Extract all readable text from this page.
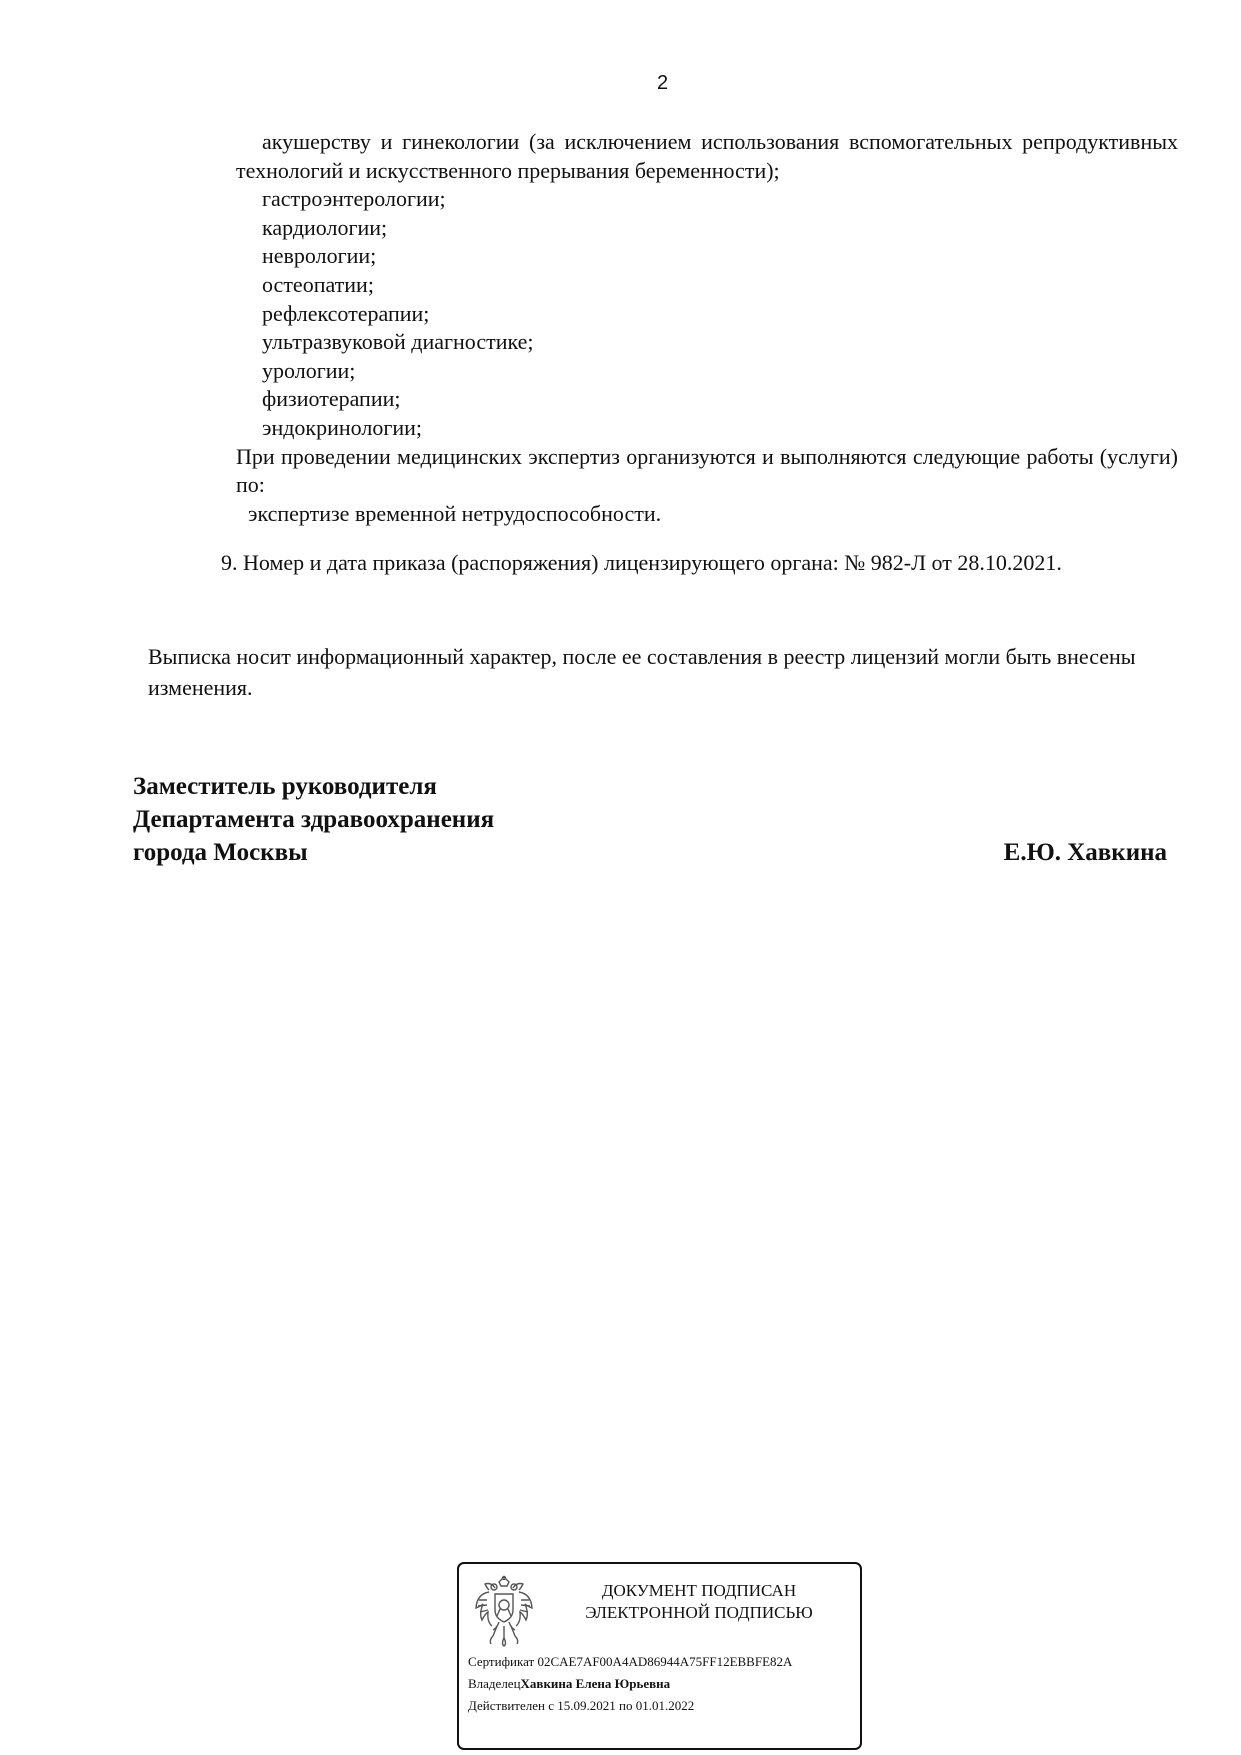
2

акушерству и гинекологии (за исключением использования вспомогательных репродуктивных технологий и искусственного прерывания беременности);

гастроэнтерологии;

кардиологии;

неврологии;

остеопатии;

рефлексотерапии;

ультразвуковой диагностике;

урологии;

физиотерапии;

эндокринологии;

При проведении медицинских экспертиз организуются и выполняются следующие работы (услуги) по:

экспертизе временной нетрудоспособности.

9. Номер и дата приказа (распоряжения) лицензирующего органа: № 982-Л от 28.10.2021.

Выписка носит информационный характер, после ее составления в реестр лицензий могли быть внесены изменения.

Заместитель руководителя
Департамента здравоохранения
города Москвы	Е.Ю. Хавкина
ДОКУМЕНТ ПОДПИСАН
ЭЛЕКТРОННОЙ ПОДПИСЬЮ
Сертификат 02CAE7AF00A4AD86944A75FF12EBBFE82A
ВладелецХавкина Елена Юрьевна
Действителен с 15.09.2021 по 01.01.2022
